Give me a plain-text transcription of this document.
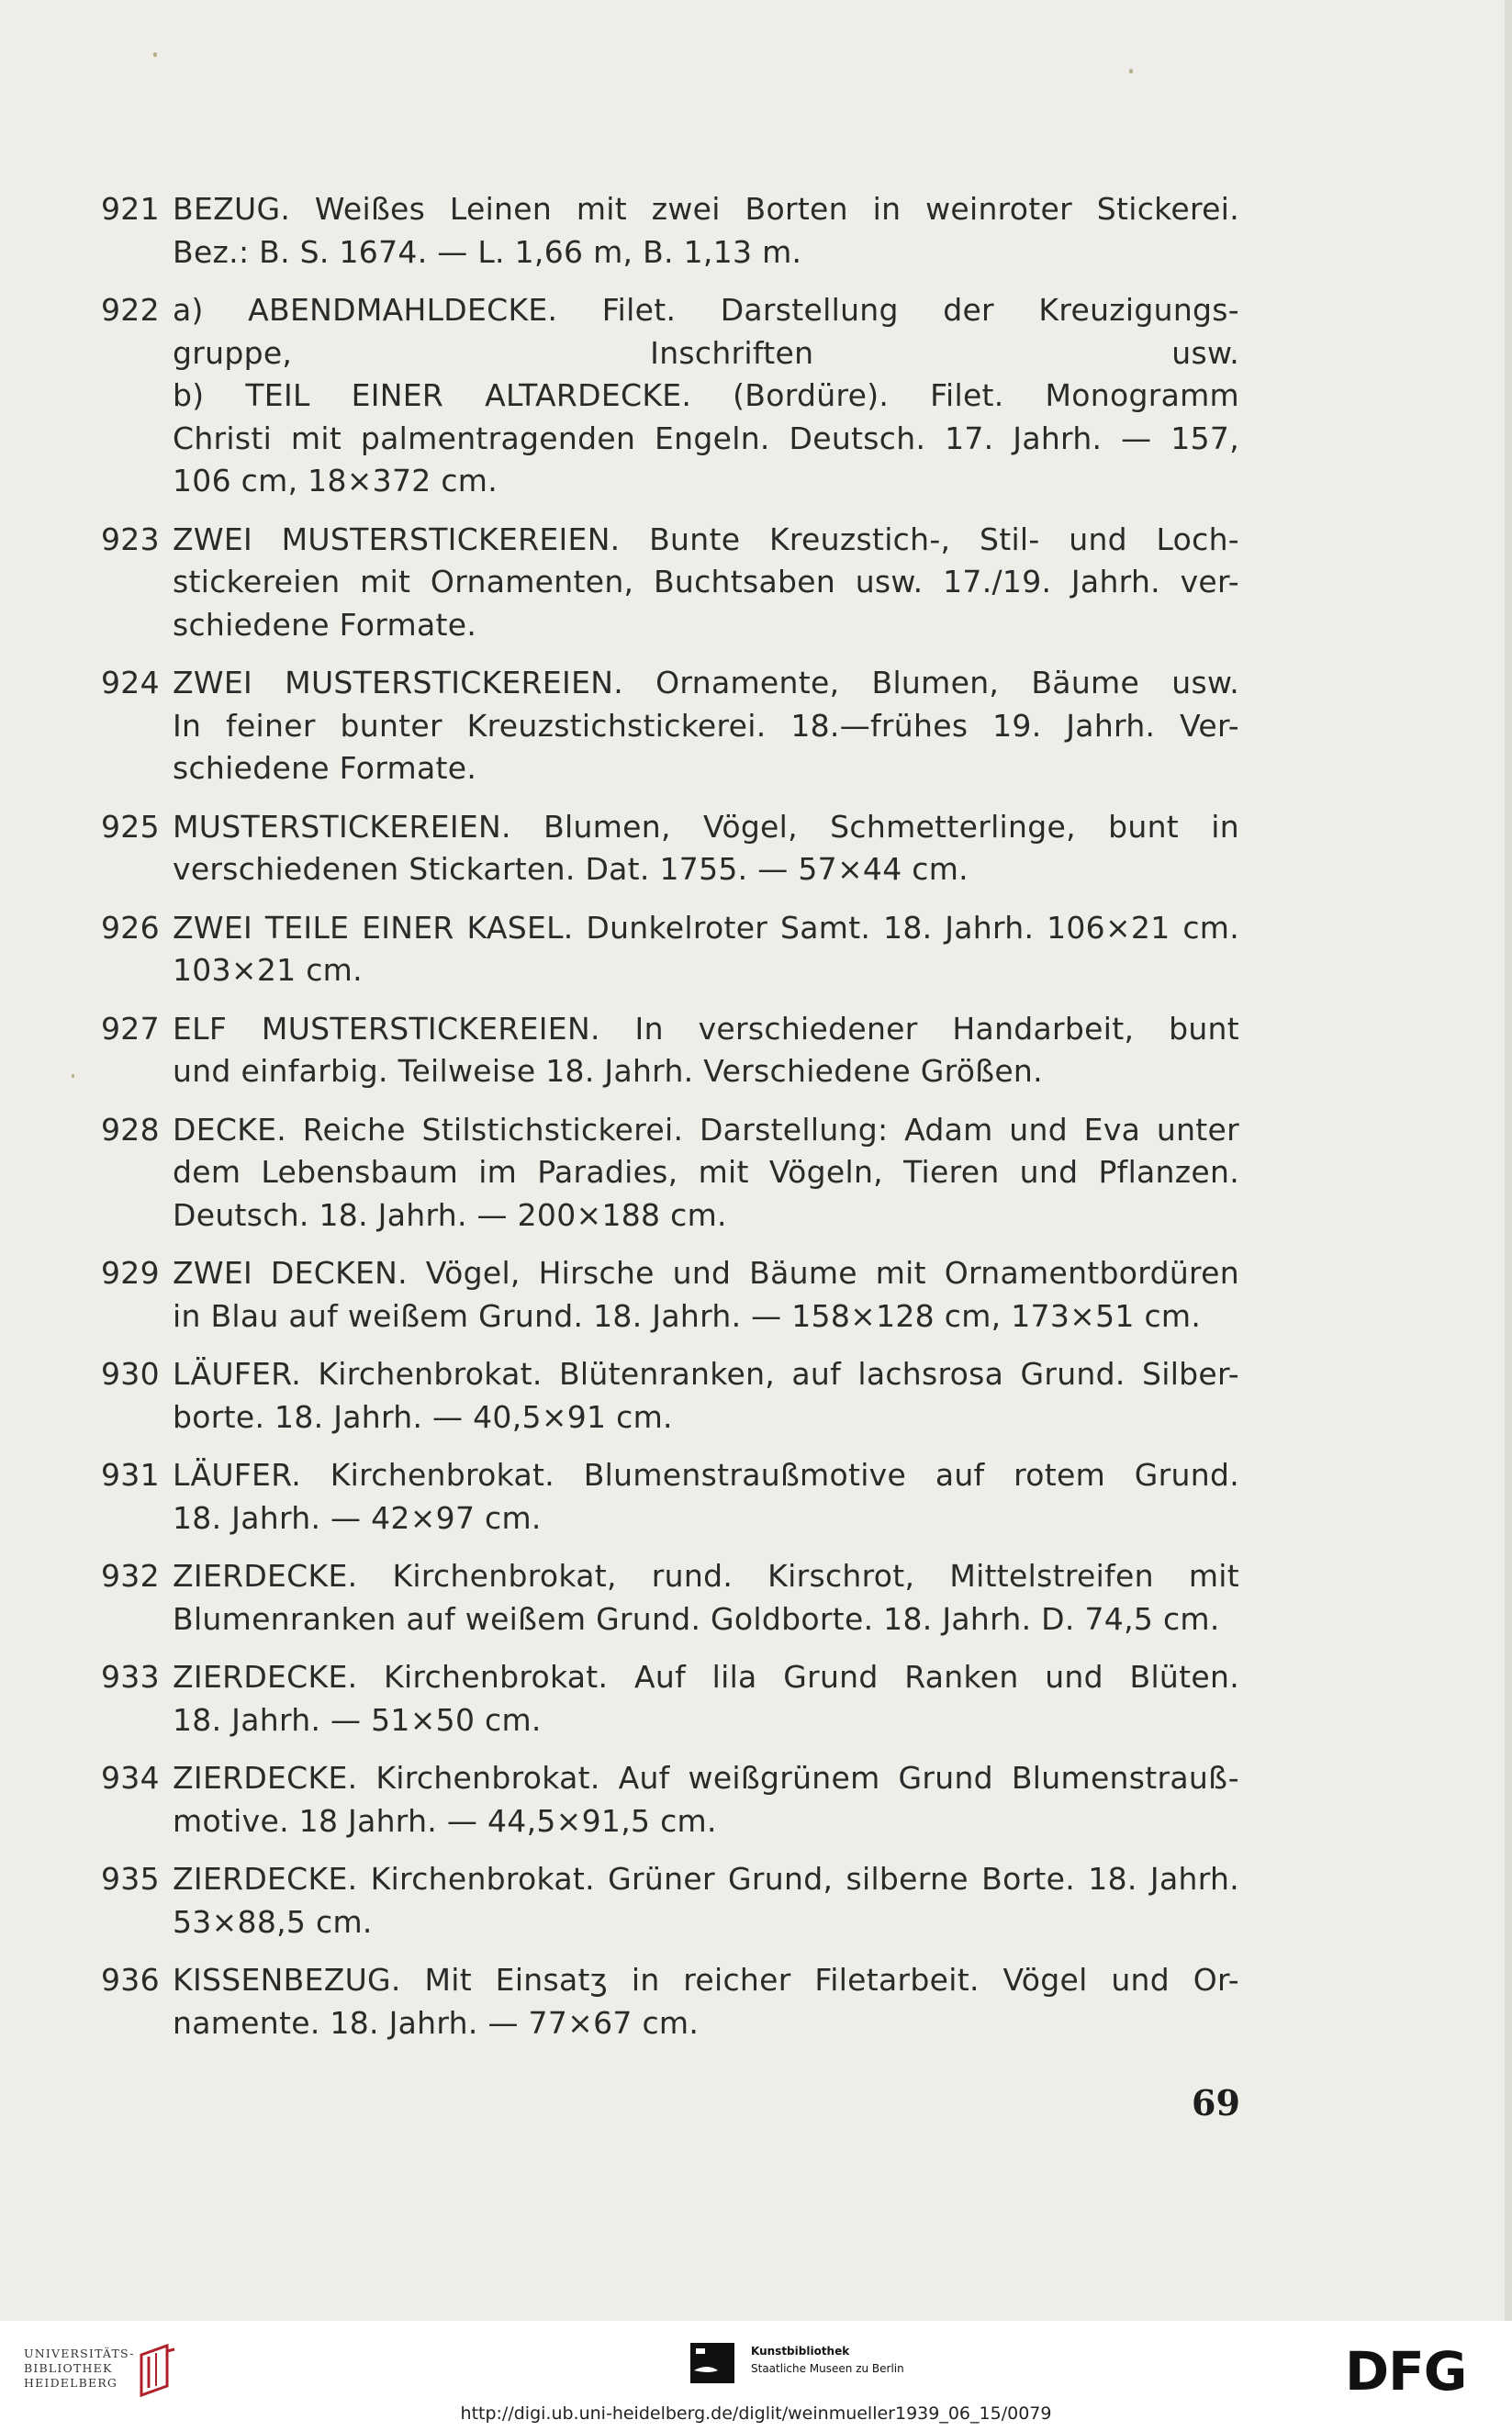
921 BEZUG. Weißes Leinen mit zwei Borten in weinroter Stickerei.
Bez.: B. S. 1674. — L. 1,66 m, B. 1,13 m.
922 a) ABENDMAHLDECKE. Filet. Darstellung der Kreuzigungs-
gruppe, Inschriften usw.
b) TEIL EINER ALTARDECKE. (Bordüre). Filet. Monogramm
Christi mit palmentragenden Engeln. Deutsch. 17. Jahrh. — 157,
106 cm, 18×372 cm.
923 ZWEI MUSTERSTICKEREIEN. Bunte Kreuzstich-, Stil- und Loch-
stickereien mit Ornamenten, Buchtsaben usw. 17./19. Jahrh. ver-
schiedene Formate.
924 ZWEI MUSTERSTICKEREIEN. Ornamente, Blumen, Bäume usw.
In feiner bunter Kreuzstichstickerei. 18.—frühes 19. Jahrh. Ver-
schiedene Formate.
925 MUSTERSTICKEREIEN. Blumen, Vögel, Schmetterlinge, bunt in
verschiedenen Stickarten. Dat. 1755. — 57×44 cm.
926 ZWEI TEILE EINER KASEL. Dunkelroter Samt. 18. Jahrh. 106×21 cm.
103×21 cm.
927 ELF MUSTERSTICKEREIEN. In verschiedener Handarbeit, bunt
und einfarbig. Teilweise 18. Jahrh. Verschiedene Größen.
928 DECKE. Reiche Stilstichstickerei. Darstellung: Adam und Eva unter
dem Lebensbaum im Paradies, mit Vögeln, Tieren und Pflanzen.
Deutsch. 18. Jahrh. — 200×188 cm.
929 ZWEI DECKEN. Vögel, Hirsche und Bäume mit Ornamentbordüren
in Blau auf weißem Grund. 18. Jahrh. — 158×128 cm, 173×51 cm.
930 LÄUFER. Kirchenbrokat. Blütenranken, auf lachsrosa Grund. Silber-
borte. 18. Jahrh. — 40,5×91 cm.
931 LÄUFER. Kirchenbrokat. Blumenstraußmotive auf rotem Grund.
18. Jahrh. — 42×97 cm.
932 ZIERDECKE. Kirchenbrokat, rund. Kirschrot, Mittelstreifen mit
Blumenranken auf weißem Grund. Goldborte. 18. Jahrh. D. 74,5 cm.
933 ZIERDECKE. Kirchenbrokat. Auf lila Grund Ranken und Blüten.
18. Jahrh. — 51×50 cm.
934 ZIERDECKE. Kirchenbrokat. Auf weißgrünem Grund Blumenstrauß-
motive. 18 Jahrh. — 44,5×91,5 cm.
935 ZIERDECKE. Kirchenbrokat. Grüner Grund, silberne Borte. 18. Jahrh.
53×88,5 cm.
936 KISSENBEZUG. Mit Einsatʒ in reicher Filetarbeit. Vögel und Or-
namente. 18. Jahrh. — 77×67 cm.
69
UNIVERSITÄTS-
BIBLIOTHEK
HEIDELBERG
Kunstbibliothek
Staatliche Museen zu Berlin	DFG
http://digi.ub.uni-heidelberg.de/diglit/weinmueller1939_06_15/0079
